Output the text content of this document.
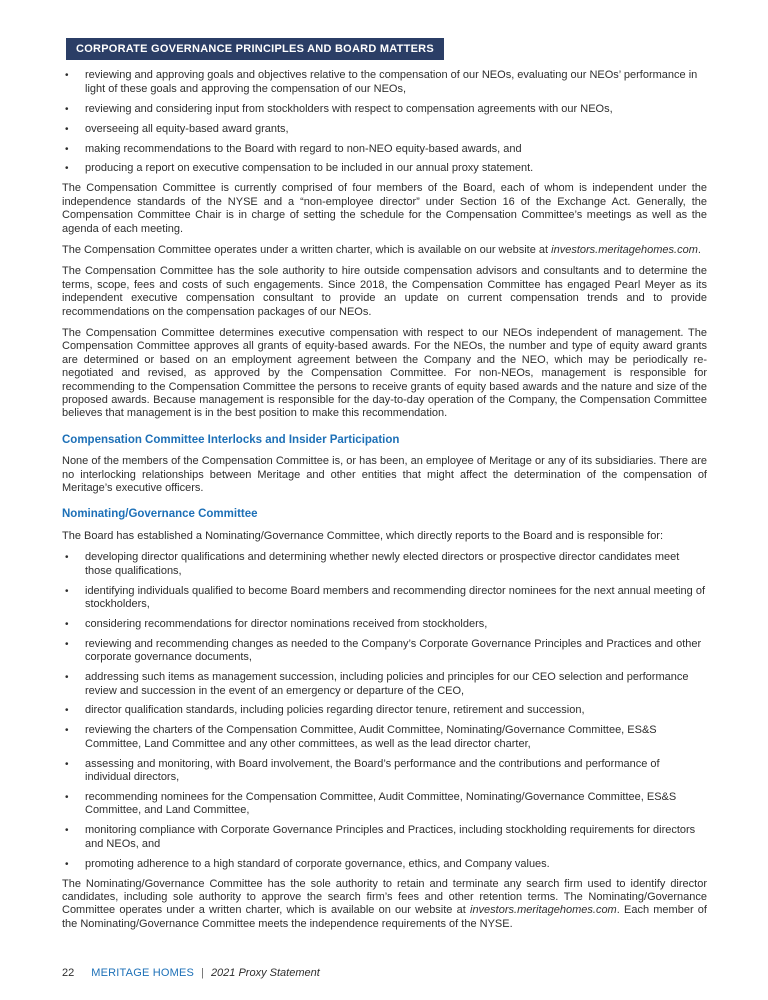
CORPORATE GOVERNANCE PRINCIPLES AND BOARD MATTERS
•	reviewing and approving goals and objectives relative to the compensation of our NEOs, evaluating our NEOs’ performance in light of these goals and approving the compensation of our NEOs,
•	reviewing and considering input from stockholders with respect to compensation agreements with our NEOs,
•	overseeing all equity-based award grants,
•	making recommendations to the Board with regard to non-NEO equity-based awards, and
•	producing a report on executive compensation to be included in our annual proxy statement.

The Compensation Committee is currently comprised of four members of the Board, each of whom is independent under the independence standards of the NYSE and a “non-employee director” under Section 16 of the Exchange Act. Generally, the Compensation Committee Chair is in charge of setting the schedule for the Compensation Committee’s meetings as well as the agenda of each meeting.

The Compensation Committee operates under a written charter, which is available on our website at investors.meritagehomes.com.

The Compensation Committee has the sole authority to hire outside compensation advisors and consultants and to determine the terms, scope, fees and costs of such engagements. Since 2018, the Compensation Committee has engaged Pearl Meyer as its independent executive compensation consultant to provide an update on current compensation trends and to provide recommendations on the compensation packages of our NEOs.

The Compensation Committee determines executive compensation with respect to our NEOs independent of management. The Compensation Committee approves all grants of equity-based awards. For the NEOs, the number and type of equity award grants are determined or based on an employment agreement between the Company and the NEO, which may be periodically re-negotiated and revised, as approved by the Compensation Committee. For non-NEOs, management is responsible for recommending to the Compensation Committee the persons to receive grants of equity based awards and the nature and size of the proposed awards. Because management is responsible for the day-to-day operation of the Company, the Compensation Committee believes that management is in the best position to make this recommendation.

Compensation Committee Interlocks and Insider Participation

None of the members of the Compensation Committee is, or has been, an employee of Meritage or any of its subsidiaries. There are no interlocking relationships between Meritage and other entities that might affect the determination of the compensation of Meritage’s executive officers.

Nominating/Governance Committee

The Board has established a Nominating/Governance Committee, which directly reports to the Board and is responsible for:

•	developing director qualifications and determining whether newly elected directors or prospective director candidates meet those qualifications,
•	identifying individuals qualified to become Board members and recommending director nominees for the next annual meeting of stockholders,
•	considering recommendations for director nominations received from stockholders,
•	reviewing and recommending changes as needed to the Company’s Corporate Governance Principles and Practices and other corporate governance documents,
•	addressing such items as management succession, including policies and principles for our CEO selection and performance review and succession in the event of an emergency or departure of the CEO,
•	director qualification standards, including policies regarding director tenure, retirement and succession,
•	reviewing the charters of the Compensation Committee, Audit Committee, Nominating/Governance Committee, ES&S Committee, Land Committee and any other committees, as well as the lead director charter,
•	assessing and monitoring, with Board involvement, the Board’s performance and the contributions and performance of individual directors,
•	recommending nominees for the Compensation Committee, Audit Committee, Nominating/Governance Committee, ES&S Committee, and Land Committee,
•	monitoring compliance with Corporate Governance Principles and Practices, including stockholding requirements for directors and NEOs, and
•	promoting adherence to a high standard of corporate governance, ethics, and Company values.

The Nominating/Governance Committee has the sole authority to retain and terminate any search firm used to identify director candidates, including sole authority to approve the search firm’s fees and other retention terms. The Nominating/Governance Committee operates under a written charter, which is available on our website at investors.meritagehomes.com. Each member of the Nominating/Governance Committee meets the independence requirements of the NYSE.

22 MERITAGE HOMES | 2021 Proxy Statement
